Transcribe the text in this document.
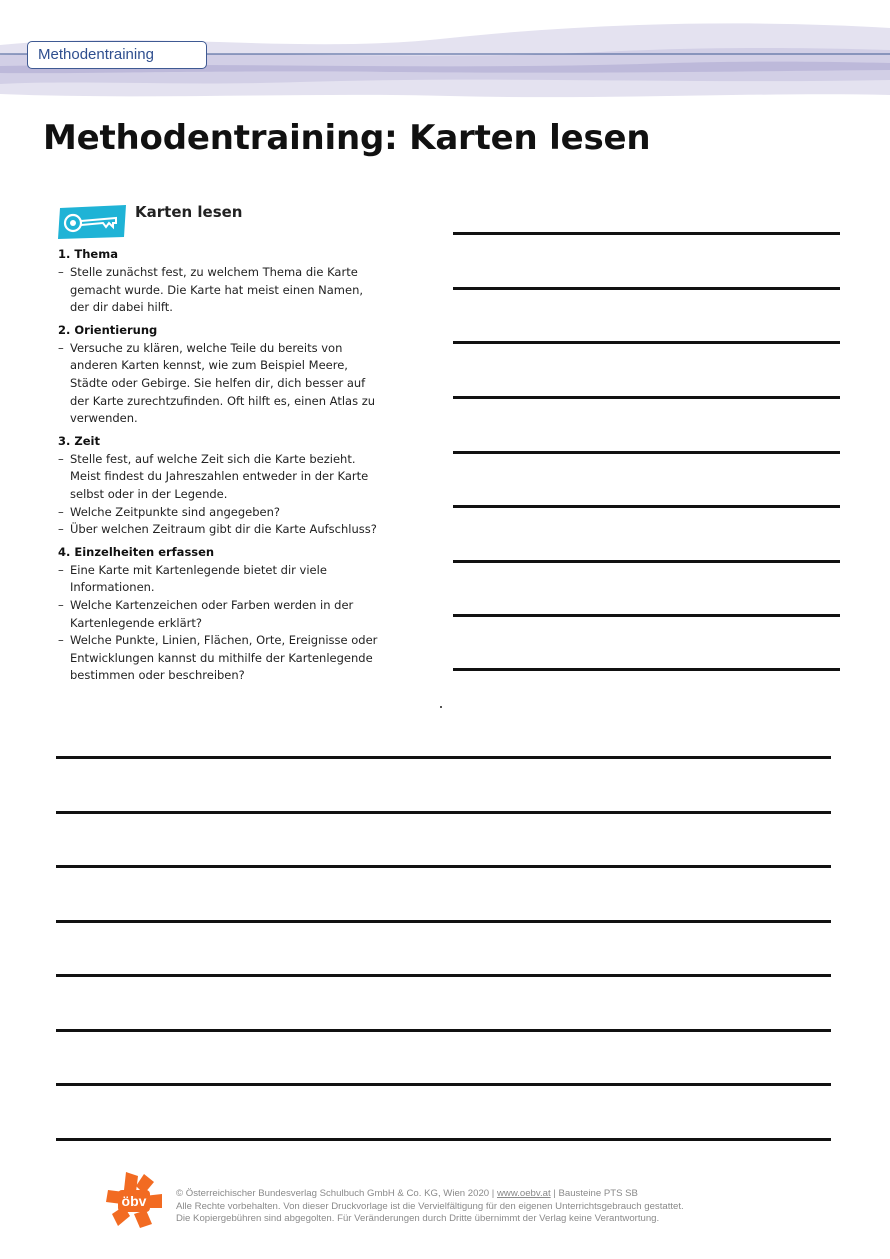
Methodentraining
Methodentraining: Karten lesen
Karten lesen

1. Thema

– Stelle zunächst fest, zu welchem Thema die Karte gemacht wurde. Die Karte hat meist einen Namen, der dir dabei hilft.

2. Orientierung

– Versuche zu klären, welche Teile du bereits von anderen Karten kennst, wie zum Beispiel Meere, Städte oder Gebirge. Sie helfen dir, dich besser auf der Karte zurechtzufinden. Oft hilft es, einen Atlas zu verwenden.

3. Zeit

– Stelle fest, auf welche Zeit sich die Karte bezieht. Meist findest du Jahreszahlen entweder in der Karte selbst oder in der Legende.

– Welche Zeitpunkte sind angegeben?

– Über welchen Zeitraum gibt dir die Karte Aufschluss?

4. Einzelheiten erfassen

– Eine Karte mit Kartenlegende bietet dir viele Informationen.

– Welche Kartenzeichen oder Farben werden in der Kartenlegende erklärt?

– Welche Punkte, Linien, Flächen, Orte, Ereignisse oder Entwicklungen kannst du mithilfe der Kartenlegende bestimmen oder beschreiben?

öbv	© Österreichischer Bundesverlag Schulbuch GmbH & Co. KG, Wien 2020 | www.oebv.at | Bausteine PTS SB
Alle Rechte vorbehalten. Von dieser Druckvorlage ist die Vervielfältigung für den eigenen Unterrichtsgebrauch gestattet.
Die Kopiergebühren sind abgegolten. Für Veränderungen durch Dritte übernimmt der Verlag keine Verantwortung.
